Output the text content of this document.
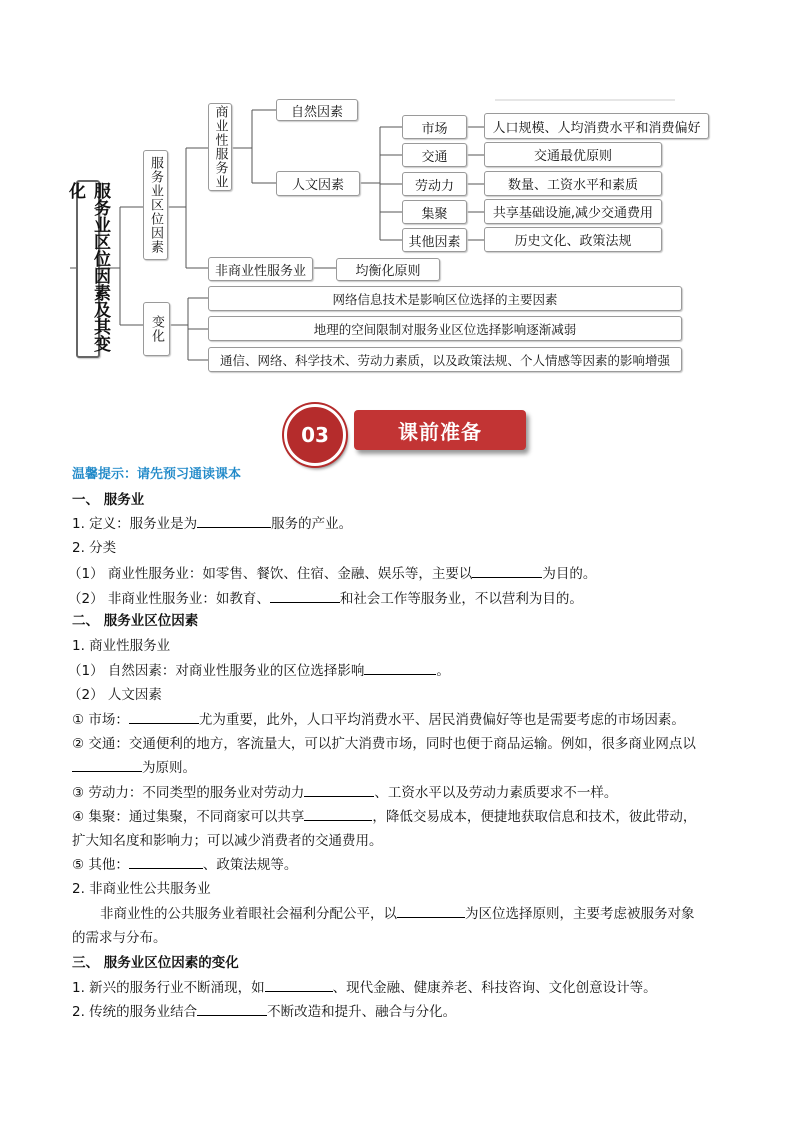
服务业区位因素及其变化	服务业区位因素
变化
商业性服务业	自然因素
人文因素
市场
交通
劳动力
集聚
其他因素
人口规模、人均消费水平和消费偏好
交通最优原则
数量、工资水平和素质
共享基础设施,减少交通费用
历史文化、政策法规
非商业性服务业	均衡化原则
网络信息技术是影响区位选择的主要因素
地理的空间限制对服务业区位选择影响逐渐减弱
通信、网络、科学技术、劳动力素质，以及政策法规、个人情感等因素的影响增强
03	课前准备
温馨提示：请先预习通读课本
一、 服务业
1. 定义：服务业是为	服务的产业。
2. 分类
（1） 商业性服务业：如零售、餐饮、住宿、金融、娱乐等，主要以	为目的。
（2） 非商业性服务业：如教育、	和社会工作等服务业，不以营利为目的。
二、 服务业区位因素
1. 商业性服务业
（1） 自然因素：对商业性服务业的区位选择影响	。
（2） 人文因素
① 市场：	尤为重要，此外，人口平均消费水平、居民消费偏好等也是需要考虑的市场因素。
② 交通：交通便利的地方，客流量大，可以扩大消费市场，同时也便于商品运输。例如，很多商业网点以
为原则。
③ 劳动力：不同类型的服务业对劳动力	、工资水平以及劳动力素质要求不一样。
④ 集聚：通过集聚，不同商家可以共享	，降低交易成本，便捷地获取信息和技术，彼此带动，
扩大知名度和影响力；可以减少消费者的交通费用。
⑤ 其他：	、政策法规等。
2. 非商业性公共服务业
非商业性的公共服务业着眼社会福利分配公平，以	为区位选择原则，主要考虑被服务对象
的需求与分布。
三、 服务业区位因素的变化
1. 新兴的服务行业不断涌现，如	、现代金融、健康养老、科技咨询、文化创意设计等。
2. 传统的服务业结合	不断改造和提升、融合与分化。
